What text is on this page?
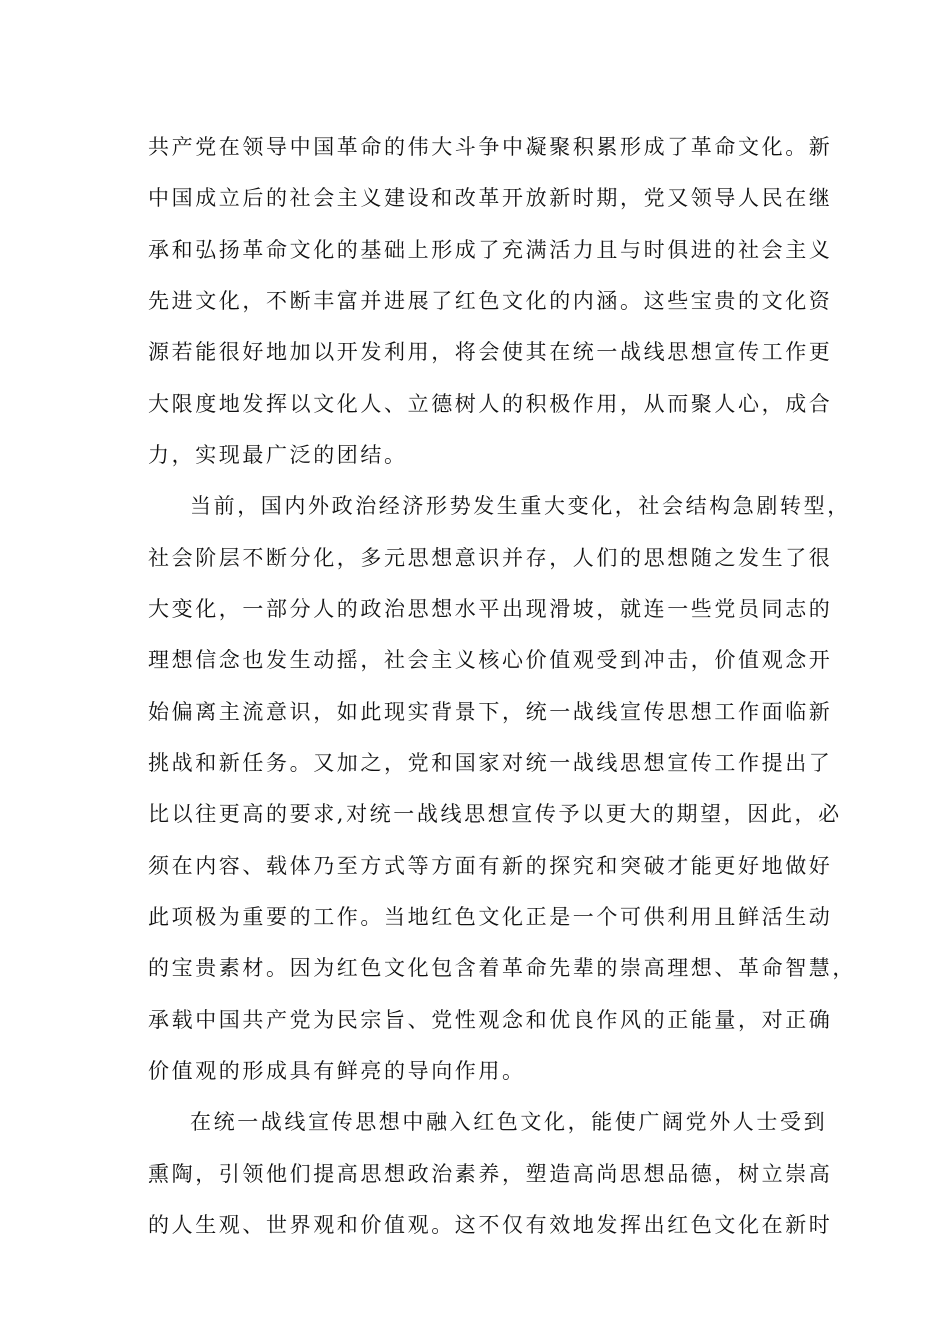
共产党在领导中国革命的伟大斗争中凝聚积累形成了革命文化。新
中国成立后的社会主义建设和改革开放新时期，党又领导人民在继
承和弘扬革命文化的基础上形成了充满活力且与时俱进的社会主义
先进文化，不断丰富并进展了红色文化的内涵。这些宝贵的文化资
源若能很好地加以开发利用，将会使其在统一战线思想宣传工作更
大限度地发挥以文化人、立德树人的积极作用，从而聚人心，成合
力，实现最广泛的团结。
当前，国内外政治经济形势发生重大变化，社会结构急剧转型，
社会阶层不断分化，多元思想意识并存，人们的思想随之发生了很
大变化，一部分人的政治思想水平出现滑坡，就连一些党员同志的
理想信念也发生动摇，社会主义核心价值观受到冲击，价值观念开
始偏离主流意识，如此现实背景下，统一战线宣传思想工作面临新
挑战和新任务。又加之，党和国家对统一战线思想宣传工作提出了
比以往更高的要求,对统一战线思想宣传予以更大的期望，因此，必
须在内容、载体乃至方式等方面有新的探究和突破才能更好地做好
此项极为重要的工作。当地红色文化正是一个可供利用且鲜活生动
的宝贵素材。因为红色文化包含着革命先辈的崇高理想、革命智慧，
承载中国共产党为民宗旨、党性观念和优良作风的正能量，对正确
价值观的形成具有鲜亮的导向作用。
在统一战线宣传思想中融入红色文化，能使广阔党外人士受到
熏陶，引领他们提高思想政治素养，塑造高尚思想品德，树立崇高
的人生观、世界观和价值观。这不仅有效地发挥出红色文化在新时
